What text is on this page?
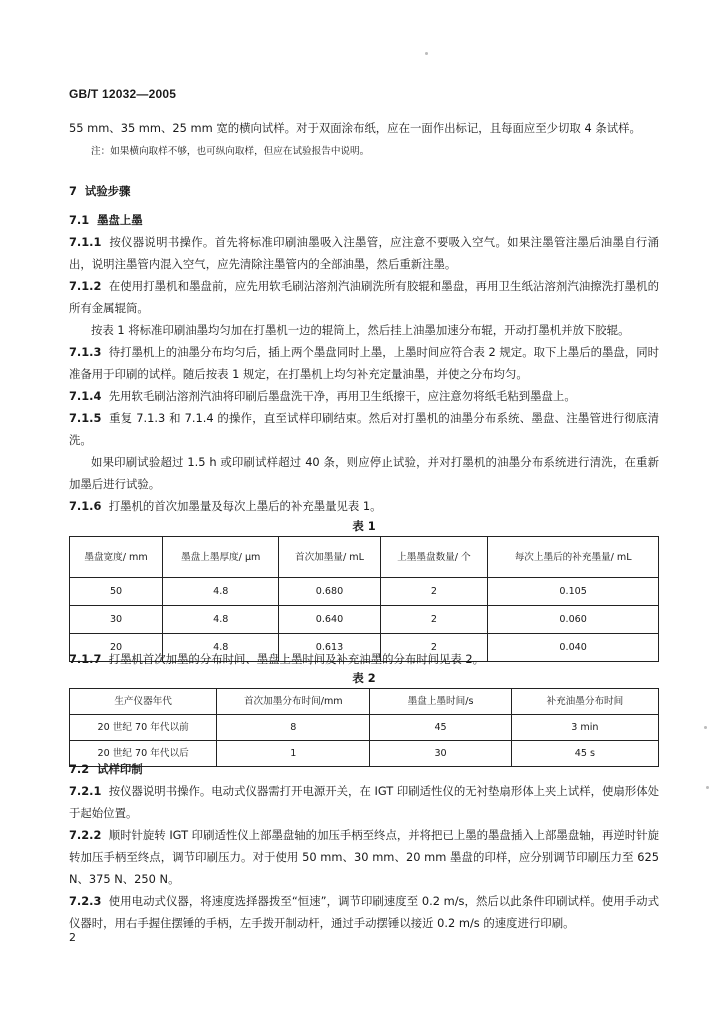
GB/T 12032—2005

55 mm、35 mm、25 mm 宽的横向试样。对于双面涂布纸，应在一面作出标记，且每面应至少切取 4 条试样。

注：如果横向取样不够，也可纵向取样，但应在试验报告中说明。

7 试验步骤

7.1 墨盘上墨

7.1.1 按仪器说明书操作。首先将标准印刷油墨吸入注墨管，应注意不要吸入空气。如果注墨管注墨后油墨自行涌出，说明注墨管内混入空气，应先清除注墨管内的全部油墨，然后重新注墨。

7.1.2 在使用打墨机和墨盘前，应先用软毛刷沾溶剂汽油刷洗所有胶辊和墨盘，再用卫生纸沾溶剂汽油擦洗打墨机的所有金属辊筒。

按表 1 将标准印刷油墨均匀加在打墨机一边的辊筒上，然后挂上油墨加速分布辊，开动打墨机并放下胶辊。

7.1.3 待打墨机上的油墨分布均匀后，插上两个墨盘同时上墨，上墨时间应符合表 2 规定。取下上墨后的墨盘，同时准备用于印刷的试样。随后按表 1 规定，在打墨机上均匀补充定量油墨，并使之分布均匀。

7.1.4 先用软毛刷沾溶剂汽油将印刷后墨盘洗干净，再用卫生纸擦干，应注意勿将纸毛粘到墨盘上。

7.1.5 重复 7.1.3 和 7.1.4 的操作，直至试样印刷结束。然后对打墨机的油墨分布系统、墨盘、注墨管进行彻底清洗。

如果印刷试验超过 1.5 h 或印刷试样超过 40 条，则应停止试验，并对打墨机的油墨分布系统进行清洗，在重新加墨后进行试验。

7.1.6 打墨机的首次加墨量及每次上墨后的补充墨量见表 1。

表 1

墨盘宽度/ mm	墨盘上墨厚度/ μm	首次加墨量/ mL	上墨墨盘数量/ 个	每次上墨后的补充墨量/ mL
50	4.8	0.680	2	0.105
30	4.8	0.640	2	0.060
20	4.8	0.613	2	0.040

7.1.7 打墨机首次加墨的分布时间、墨盘上墨时间及补充油墨的分布时间见表 2。

表 2

生产仪器年代	首次加墨分布时间/mm	墨盘上墨时间/s	补充油墨分布时间
20 世纪 70 年代以前	8	45	3 min
20 世纪 70 年代以后	1	30	45 s

7.2 试样印制

7.2.1 按仪器说明书操作。电动式仪器需打开电源开关，在 IGT 印刷适性仪的无衬垫扇形体上夹上试样，使扇形体处于起始位置。

7.2.2 顺时针旋转 IGT 印刷适性仪上部墨盘轴的加压手柄至终点，并将把已上墨的墨盘插入上部墨盘轴，再逆时针旋转加压手柄至终点，调节印刷压力。对于使用 50 mm、30 mm、20 mm 墨盘的印样，应分别调节印刷压力至 625 N、375 N、250 N。

7.2.3 使用电动式仪器，将速度选择器拨至“恒速”，调节印刷速度至 0.2 m/s，然后以此条件印刷试样。使用手动式仪器时，用右手握住摆锤的手柄，左手拨开制动杆，通过手动摆锤以接近 0.2 m/s 的速度进行印刷。

2
